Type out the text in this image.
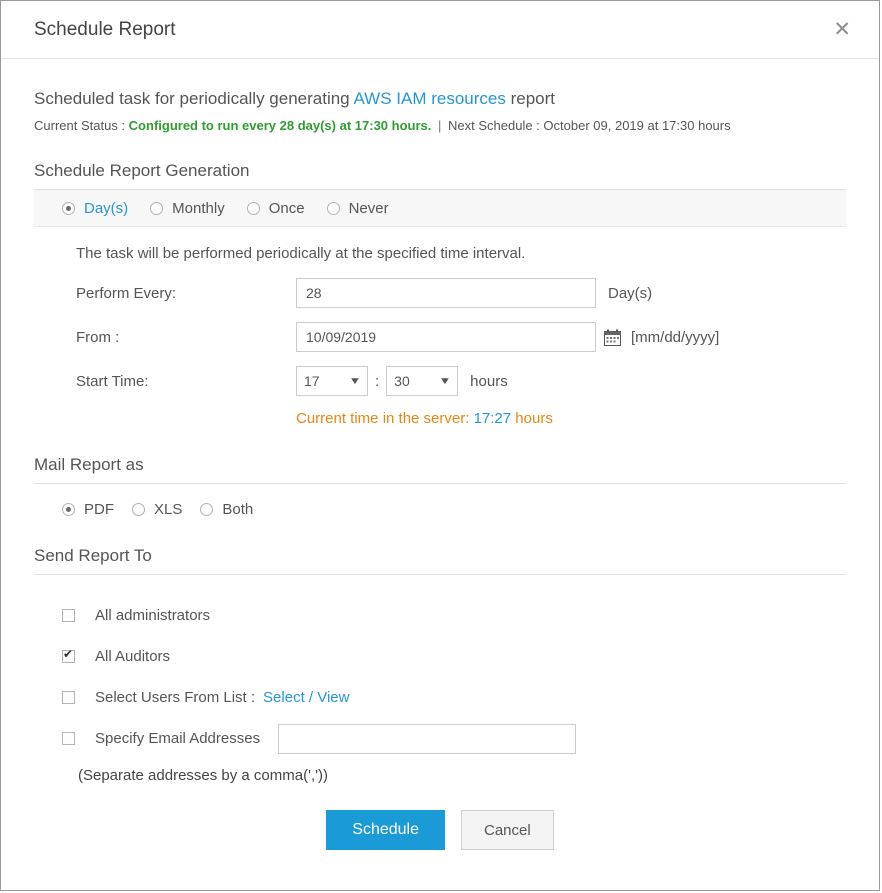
Schedule Report	✕
Scheduled task for periodically generating AWS IAM resources report
Current Status : Configured to run every 28 day(s) at 17:30 hours. | Next Schedule : October 09, 2019 at 17:30 hours
Schedule Report Generation
Day(s)	Monthly	Once	Never
The task will be performed periodically at the specified time interval.
Perform Every:
28	Day(s)
From :
10/09/2019	[mm/dd/yyyy]
Start Time:	17	▼ : 30	▼ hours
Current time in the server: 17:27 hours
Mail Report as
PDF	XLS	Both
Send Report To
All administrators
✔
All Auditors
Select Users From List : Select / View
Specify Email Addresses
(Separate addresses by a comma(','))
Schedule	Cancel
